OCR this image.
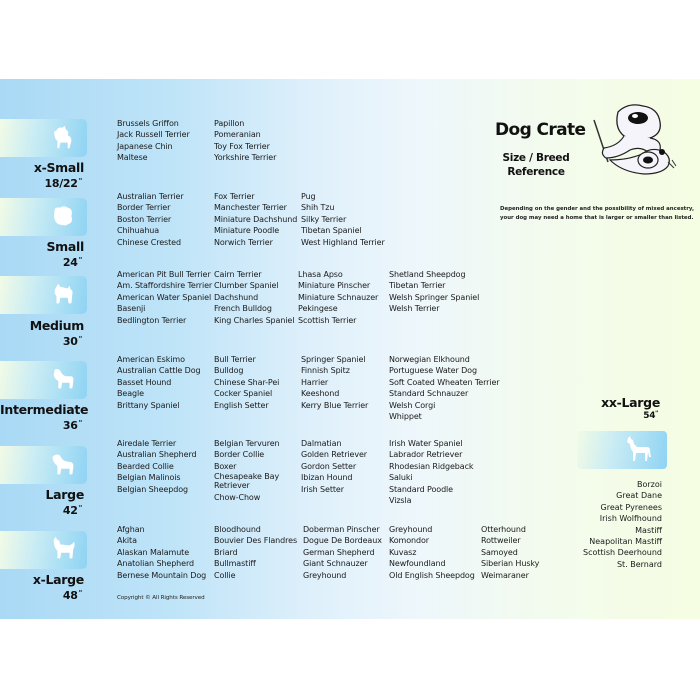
x-Small
18/22"
Brussels Griffon
Jack Russell Terrier
Japanese Chin
Maltese
Papillon
Pomeranian
Toy Fox Terrier
Yorkshire Terrier
Small
24"
Australian Terrier
Border Terrier
Boston Terrier
Chihuahua
Chinese Crested
Fox Terrier
Manchester Terrier
Miniature Dachshund
Miniature Poodle
Norwich Terrier
Pug
Shih Tzu
Silky Terrier
Tibetan Spaniel
West Highland Terrier
Medium
30"
American Pit Bull Terrier
Am. Staffordshire Terrier
American Water Spaniel
Basenji
Bedlington Terrier
Cairn Terrier
Clumber Spaniel
Dachshund
French Bulldog
King Charles Spaniel
Lhasa Apso
Miniature Pinscher
Miniature Schnauzer
Pekingese
Scottish Terrier
Shetland Sheepdog
Tibetan Terrier
Welsh Springer Spaniel
Welsh Terrier
Intermediate
36"
American Eskimo
Australian Cattle Dog
Basset Hound
Beagle
Brittany Spaniel
Bull Terrier
Bulldog
Chinese Shar-Pei
Cocker Spaniel
English Setter
Springer Spaniel
Finnish Spitz
Harrier
Keeshond
Kerry Blue Terrier
Norwegian Elkhound
Portuguese Water Dog
Soft Coated Wheaten Terrier
Standard Schnauzer
Welsh Corgi
Whippet
Large
42"
Airedale Terrier
Australian Shepherd
Bearded Collie
Belgian Malinois
Belgian Sheepdog
Belgian Tervuren
Border Collie
Boxer
Chesapeake Bay
Retriever
Chow-Chow
Dalmatian
Golden Retriever
Gordon Setter
Ibizan Hound
Irish Setter
Irish Water Spaniel
Labrador Retriever
Rhodesian Ridgeback
Saluki
Standard Poodle
Vizsla
x-Large
48"
Afghan
Akita
Alaskan Malamute
Anatolian Shepherd
Bernese Mountain Dog
Bloodhound
Bouvier Des Flandres
Briard
Bullmastiff
Collie
Doberman Pinscher
Dogue De Bordeaux
German Shepherd
Giant Schnauzer
Greyhound
Greyhound
Komondor
Kuvasz
Newfoundland
Old English Sheepdog
Otterhound
Rottweiler
Samoyed
Siberian Husky
Weimaraner
Dog Crate
Size / Breed
Reference
Depending on the gender and the possibility of mixed ancestry,
your dog may need a home that is larger or smaller than listed.
Copyright © All Rights Reserved
xx-Large
54"
Borzoi
Great Dane
Great Pyrenees
Irish Wolfhound
Mastiff
Neapolitan Mastiff
Scottish Deerhound
St. Bernard
